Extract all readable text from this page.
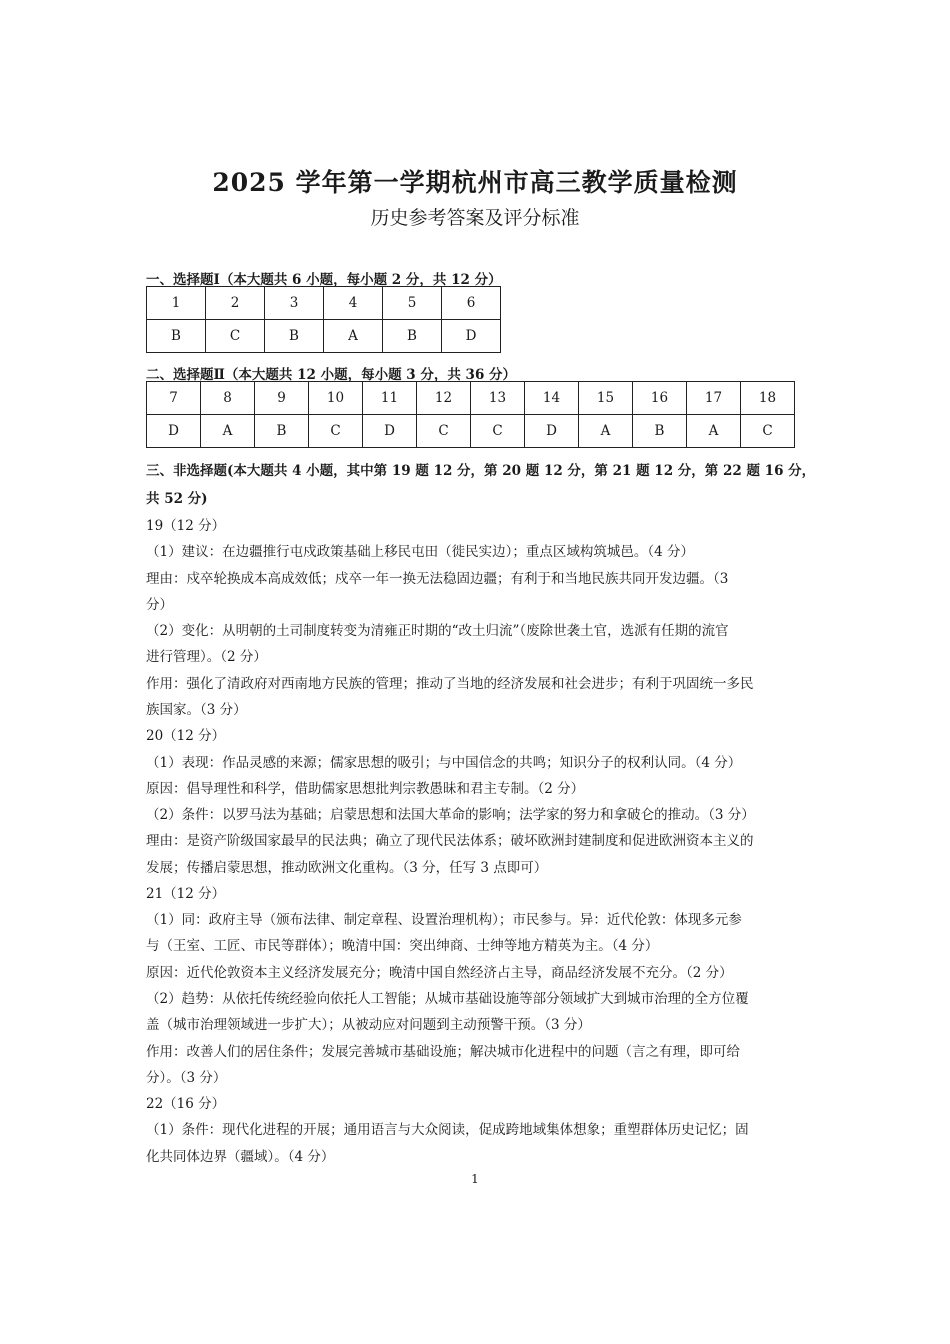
2025 学年第一学期杭州市高三教学质量检测
历史参考答案及评分标准
一、选择题Ⅰ（本大题共 6 小题，每小题 2 分，共 12 分）
1	2	3	4	5	6
B	C	B	A	B	D
二、选择题Ⅱ（本大题共 12 小题，每小题 3 分，共 36 分）
7	8	9	10	11	12	13	14	15	16	17	18
D	A	B	C	D	C	C	D	A	B	A	C
三、非选择题(本大题共 4 小题，其中第 19 题 12 分，第 20 题 12 分，第 21 题 12 分，第 22 题 16 分，
共 52 分)
19（12 分）
（1）建议：在边疆推行屯戍政策基础上移民屯田（徙民实边）；重点区域构筑城邑。（4 分）
理由：戍卒轮换成本高成效低；戍卒一年一换无法稳固边疆；有利于和当地民族共同开发边疆。（3
分）
（2）变化：从明朝的土司制度转变为清雍正时期的“改土归流”（废除世袭土官，选派有任期的流官
进行管理）。（2 分）
作用：强化了清政府对西南地方民族的管理；推动了当地的经济发展和社会进步；有利于巩固统一多民
族国家。（3 分）
20（12 分）
（1）表现：作品灵感的来源；儒家思想的吸引；与中国信念的共鸣；知识分子的权利认同。（4 分）
原因：倡导理性和科学，借助儒家思想批判宗教愚昧和君主专制。（2 分）
（2）条件：以罗马法为基础；启蒙思想和法国大革命的影响；法学家的努力和拿破仑的推动。（3 分）
理由：是资产阶级国家最早的民法典；确立了现代民法体系；破坏欧洲封建制度和促进欧洲资本主义的
发展；传播启蒙思想，推动欧洲文化重构。（3 分，任写 3 点即可）
21（12 分）
（1）同：政府主导（颁布法律、制定章程、设置治理机构）；市民参与。异：近代伦敦：体现多元参
与（王室、工匠、市民等群体）；晚清中国：突出绅商、士绅等地方精英为主。（4 分）
原因：近代伦敦资本主义经济发展充分；晚清中国自然经济占主导，商品经济发展不充分。（2 分）
（2）趋势：从依托传统经验向依托人工智能；从城市基础设施等部分领域扩大到城市治理的全方位覆
盖（城市治理领域进一步扩大）；从被动应对问题到主动预警干预。（3 分）
作用：改善人们的居住条件；发展完善城市基础设施；解决城市化进程中的问题（言之有理，即可给
分）。（3 分）
22（16 分）
（1）条件：现代化进程的开展；通用语言与大众阅读，促成跨地域集体想象；重塑群体历史记忆；固
化共同体边界（疆域）。（4 分）
1
